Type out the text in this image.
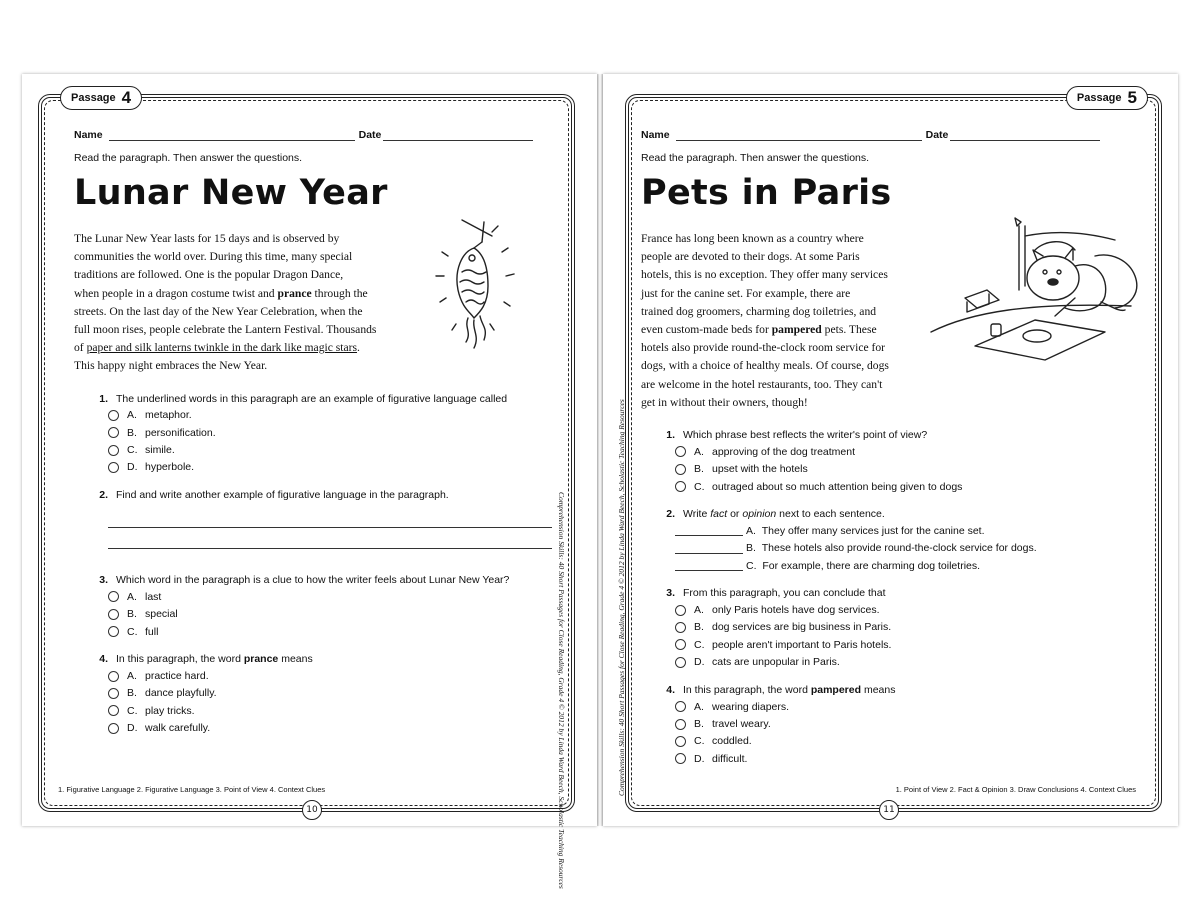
Passage 4
Name	Date
Read the paragraph. Then answer the questions.
Lunar New Year
The Lunar New Year lasts for 15 days and is observed by
communities the world over. During this time, many special
traditions are followed. One is the popular Dragon Dance,
when people in a dragon costume twist and prance through the
streets. On the last day of the New Year Celebration, when the
full moon rises, people celebrate the Lantern Festival. Thousands
of paper and silk lanterns twinkle in the dark like magic stars.
This happy night embraces the New Year.
1. The underlined words in this paragraph are an example of figurative language called
A. metaphor.
B. personification.
C. simile.
D. hyperbole.
2. Find and write another example of figurative language in the paragraph.
3. Which word in the paragraph is a clue to how the writer feels about Lunar New Year?
A. last
B. special
C. full
4. In this paragraph, the word prance means
A. practice hard.
B. dance playfully.
C. play tricks.
D. walk carefully.
1. Figurative Language 2. Figurative Language 3. Point of View 4. Context Clues
10	Comprehension Skills: 40 Short Passages for Close Reading, Grade 4 © 2012 by Linda Ward Beech, Scholastic Teaching Resources
Passage 5
Name	Date
Read the paragraph. Then answer the questions.
Pets in Paris
France has long been known as a country where
people are devoted to their dogs. At some Paris
hotels, this is no exception. They offer many services
just for the canine set. For example, there are
trained dog groomers, charming dog toiletries, and
even custom-made beds for pampered pets. These
hotels also provide round-the-clock room service for
dogs, with a choice of healthy meals. Of course, dogs
are welcome in the hotel restaurants, too. They can't
get in without their owners, though!
1. Which phrase best reflects the writer's point of view?
A. approving of the dog treatment
B. upset with the hotels
C. outraged about so much attention being given to dogs
2. Write fact or opinion next to each sentence.
A.
They offer many services just for the canine set.
B.
These hotels also provide round-the-clock service for dogs.
C.
For example, there are charming dog toiletries.
3. From this paragraph, you can conclude that
A. only Paris hotels have dog services.
B. dog services are big business in Paris.
C. people aren't important to Paris hotels.
D. cats are unpopular in Paris.
4. In this paragraph, the word pampered means
A. wearing diapers.
B. travel weary.
C. coddled.
D. difficult.
1. Point of View 2. Fact & Opinion 3. Draw Conclusions 4. Context Clues
11
Comprehension Skills: 40 Short Passages for Close Reading, Grade 4 © 2012 by Linda Ward Beech, Scholastic Teaching Resources
